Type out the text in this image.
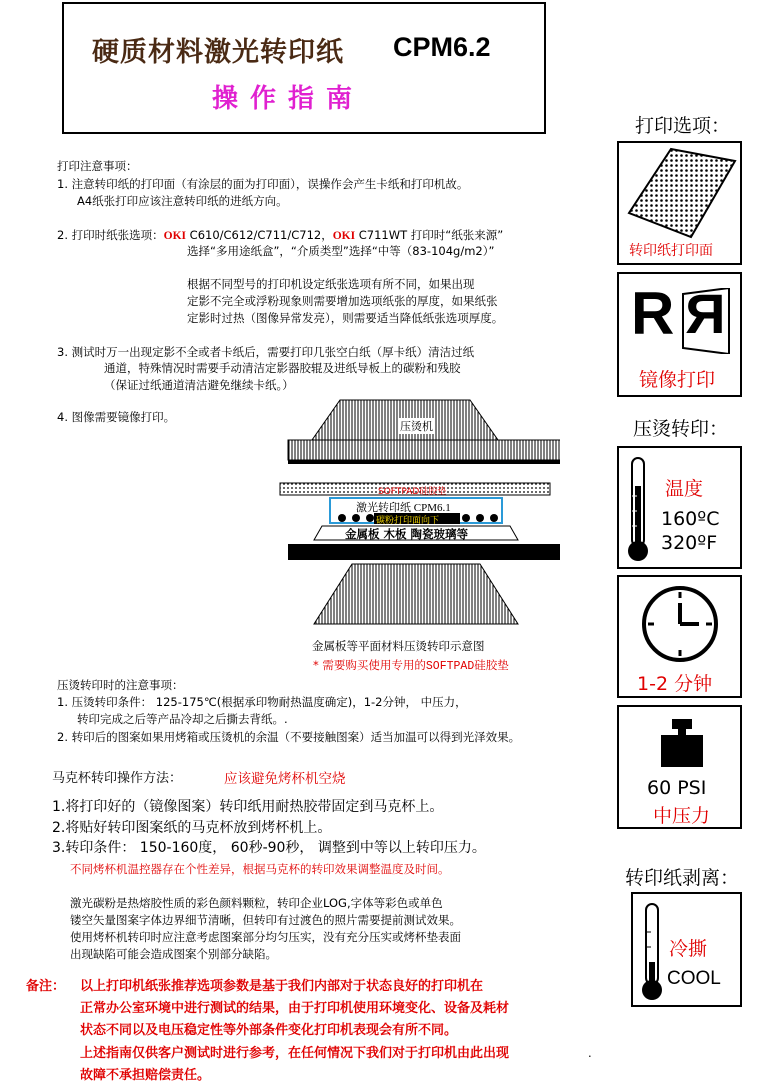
硬质材料激光转印纸 CPM6.2
操作指南
打印注意事项：
1. 注意转印纸的打印面（有涂层的面为打印面），误操作会产生卡纸和打印机故。
A4纸张打印应该注意转印纸的进纸方向。
2. 打印时纸张选项：OKI C610/C612/C711/C712，OKI C711WT 打印时“纸张来源”
选择“多用途纸盒”，“介质类型”选择“中等（83-104g/m2）”
根据不同型号的打印机设定纸张选项有所不同，如果出现
定影不完全或浮粉现象则需要增加选项纸张的厚度，如果纸张
定影时过热（图像异常发亮），则需要适当降低纸张选项厚度。
3. 测试时万一出现定影不全或者卡纸后，需要打印几张空白纸（厚卡纸）清洁过纸
通道，特殊情况时需要手动清洁定影器胶辊及进纸导板上的碳粉和残胶
（保证过纸通道清洁避免继续卡纸。）
4. 图像需要镜像打印。
压烫机
SOFTPAD硅胶垫
激光转印纸 CPM6.1
碳粉打印面向下
金属板 木板 陶瓷玻璃等
金属板等平面材料压烫转印示意图
* 需要购买使用专用的SOFTPAD硅胶垫
压烫转印时的注意事项：
1. 压烫转印条件： 125-175℃(根据承印物耐热温度确定)，1-2分钟， 中压力，
转印完成之后等产品冷却之后撕去背纸。.
2. 转印后的图案如果用烤箱或压烫机的余温（不要接触图案）适当加温可以得到光泽效果。
马克杯转印操作方法：	应该避免烤杯机空烧
1.将打印好的（镜像图案）转印纸用耐热胶带固定到马克杯上。
2.将贴好转印图案纸的马克杯放到烤杯机上。
3.转印条件： 150-160度， 60秒-90秒， 调整到中等以上转印压力。
不同烤杯机温控器存在个性差异，根据马克杯的转印效果调整温度及时间。
激光碳粉是热熔胶性质的彩色颜料颗粒，转印企业LOG,字体等彩色或单色
镂空矢量图案字体边界细节清晰，但转印有过渡色的照片需要提前测试效果。
使用烤杯机转印时应注意考虑图案部分均匀压实，没有充分压实或烤杯垫表面
出现缺陷可能会造成图案个别部分缺陷。
备注： 以上打印机纸张推荐选项参数是基于我们内部对于状态良好的打印机在
正常办公室环境中进行测试的结果，由于打印机使用环境变化、设备及耗材
状态不同以及电压稳定性等外部条件变化打印机表现会有所不同。
上述指南仅供客户测试时进行参考，在任何情况下我们对于打印机由此出现	.
故障不承担赔偿责任。
打印选项：
转印纸打印面
R R
镜像打印
压烫转印：
温度
160ºC
320ºF
1-2 分钟
60 PSI
中压力
转印纸剥离：
冷撕
COOL
